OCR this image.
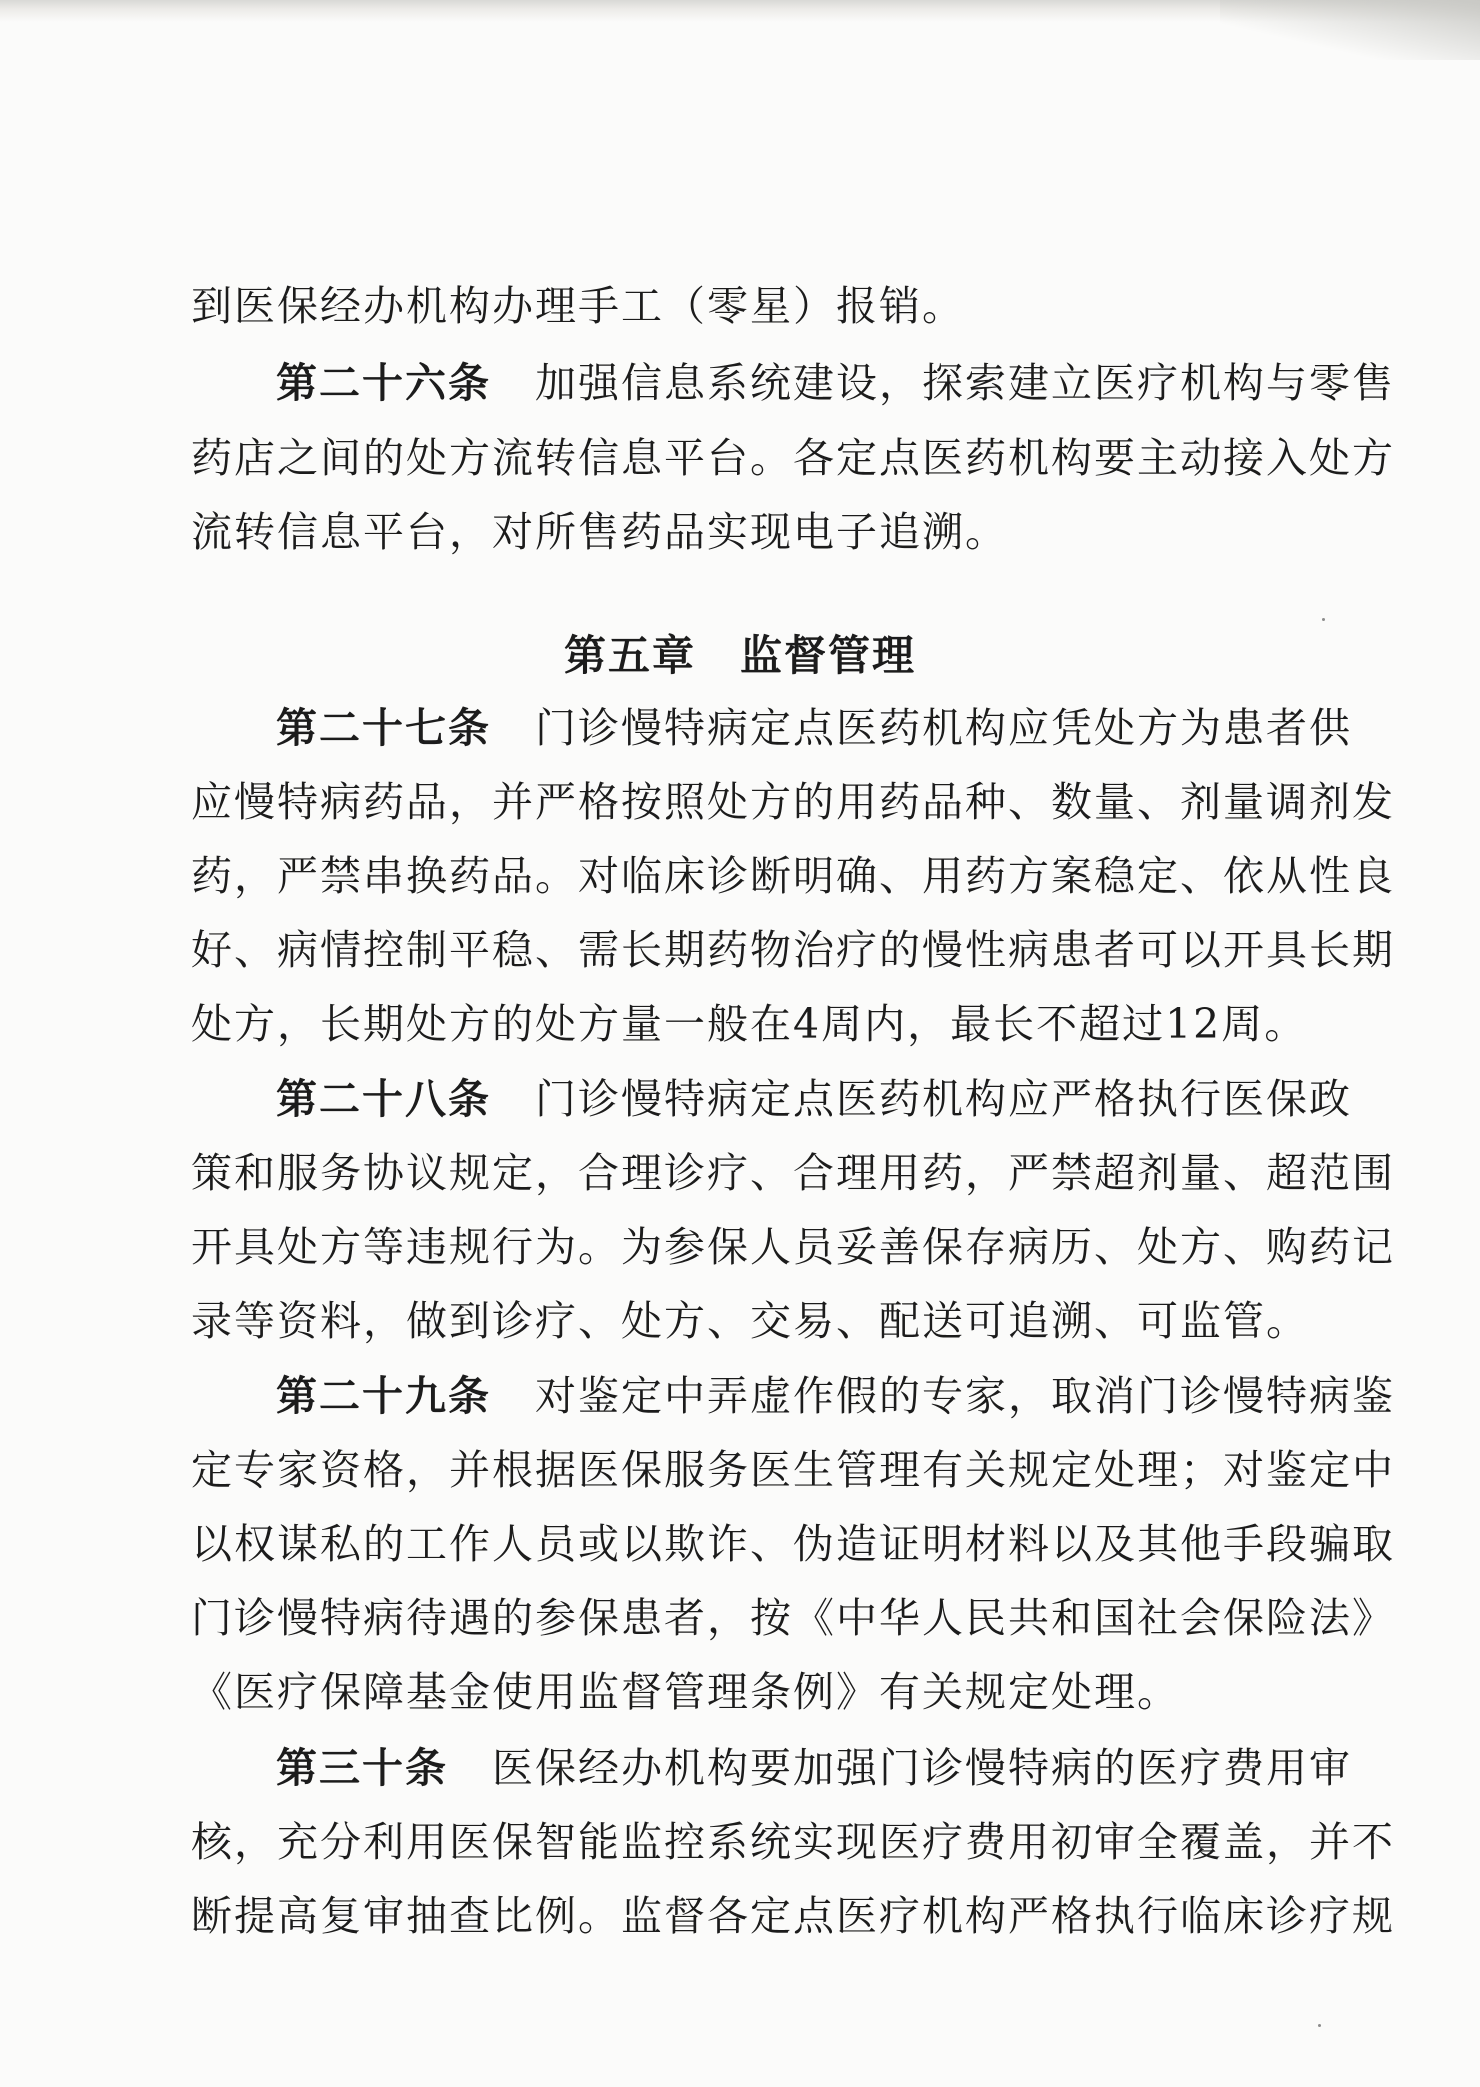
到医保经办机构办理手工（零星）报销。
第二十六条 加强信息系统建设，探索建立医疗机构与零售
药店之间的处方流转信息平台。各定点医药机构要主动接入处方
流转信息平台，对所售药品实现电子追溯。
第五章　监督管理
第二十七条 门诊慢特病定点医药机构应凭处方为患者供
应慢特病药品，并严格按照处方的用药品种、数量、剂量调剂发
药，严禁串换药品。对临床诊断明确、用药方案稳定、依从性良
好、病情控制平稳、需长期药物治疗的慢性病患者可以开具长期
处方，长期处方的处方量一般在4周内，最长不超过12周。
第二十八条 门诊慢特病定点医药机构应严格执行医保政
策和服务协议规定，合理诊疗、合理用药，严禁超剂量、超范围
开具处方等违规行为。为参保人员妥善保存病历、处方、购药记
录等资料，做到诊疗、处方、交易、配送可追溯、可监管。
第二十九条 对鉴定中弄虚作假的专家，取消门诊慢特病鉴
定专家资格，并根据医保服务医生管理有关规定处理；对鉴定中
以权谋私的工作人员或以欺诈、伪造证明材料以及其他手段骗取
门诊慢特病待遇的参保患者，按《中华人民共和国社会保险法》
《医疗保障基金使用监督管理条例》有关规定处理。
第三十条 医保经办机构要加强门诊慢特病的医疗费用审
核，充分利用医保智能监控系统实现医疗费用初审全覆盖，并不
断提高复审抽查比例。监督各定点医疗机构严格执行临床诊疗规
